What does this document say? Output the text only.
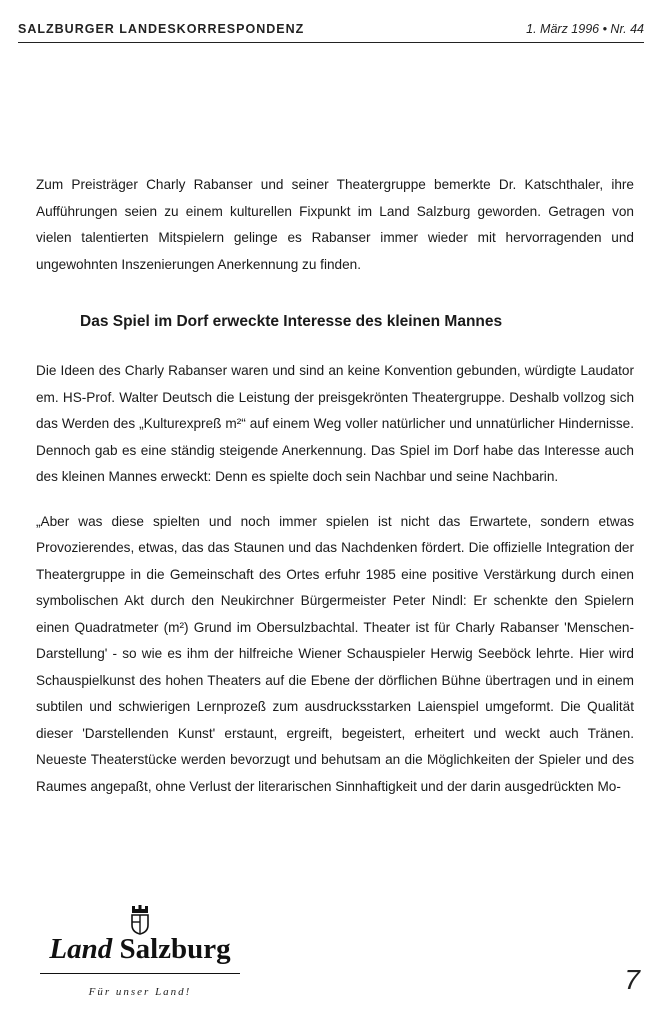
SALZBURGER LANDESKORRESPONDENZ	1. März 1996 • Nr. 44

Zum Preisträger Charly Rabanser und seiner Theatergruppe bemerkte Dr. Katschthaler, ihre Aufführungen seien zu einem kulturellen Fixpunkt im Land Salzburg geworden. Getragen von vielen talentierten Mitspielern gelinge es Rabanser immer wieder mit hervorragenden und ungewohnten Inszenierungen Anerkennung zu finden.

Das Spiel im Dorf erweckte Interesse des kleinen Mannes

Die Ideen des Charly Rabanser waren und sind an keine Konvention gebunden, würdigte Laudator em. HS-Prof. Walter Deutsch die Leistung der preisgekrönten Theatergruppe. Deshalb vollzog sich das Werden des „Kulturexpreß m²“ auf einem Weg voller natürlicher und unnatürlicher Hindernisse. Dennoch gab es eine ständig steigende Anerkennung. Das Spiel im Dorf habe das Interesse auch des kleinen Mannes erweckt: Denn es spielte doch sein Nachbar und seine Nachbarin.

„Aber was diese spielten und noch immer spielen ist nicht das Erwartete, sondern etwas Provozierendes, etwas, das das Staunen und das Nachdenken fördert. Die offizielle Integration der Theatergruppe in die Gemeinschaft des Ortes erfuhr 1985 eine positive Verstärkung durch einen symbolischen Akt durch den Neukirchner Bürgermeister Peter Nindl: Er schenkte den Spielern einen Quadratmeter (m²) Grund im Obersulzbachtal. Theater ist für Charly Rabanser 'Menschen-Darstellung' - so wie es ihm der hilfreiche Wiener Schauspieler Herwig Seeböck lehrte. Hier wird Schauspielkunst des hohen Theaters auf die Ebene der dörflichen Bühne übertragen und in einem subtilen und schwierigen Lernprozeß zum ausdrucksstarken Laienspiel umgeformt. Die Qualität dieser 'Darstellenden Kunst' erstaunt, ergreift, begeistert, erheitert und weckt auch Tränen. Neueste Theaterstücke werden bevorzugt und behutsam an die Möglichkeiten der Spieler und des Raumes angepaßt, ohne Verlust der literarischen Sinnhaftigkeit und der darin ausgedrückten Mo-

Land Salzburg
Für unser Land!	7
